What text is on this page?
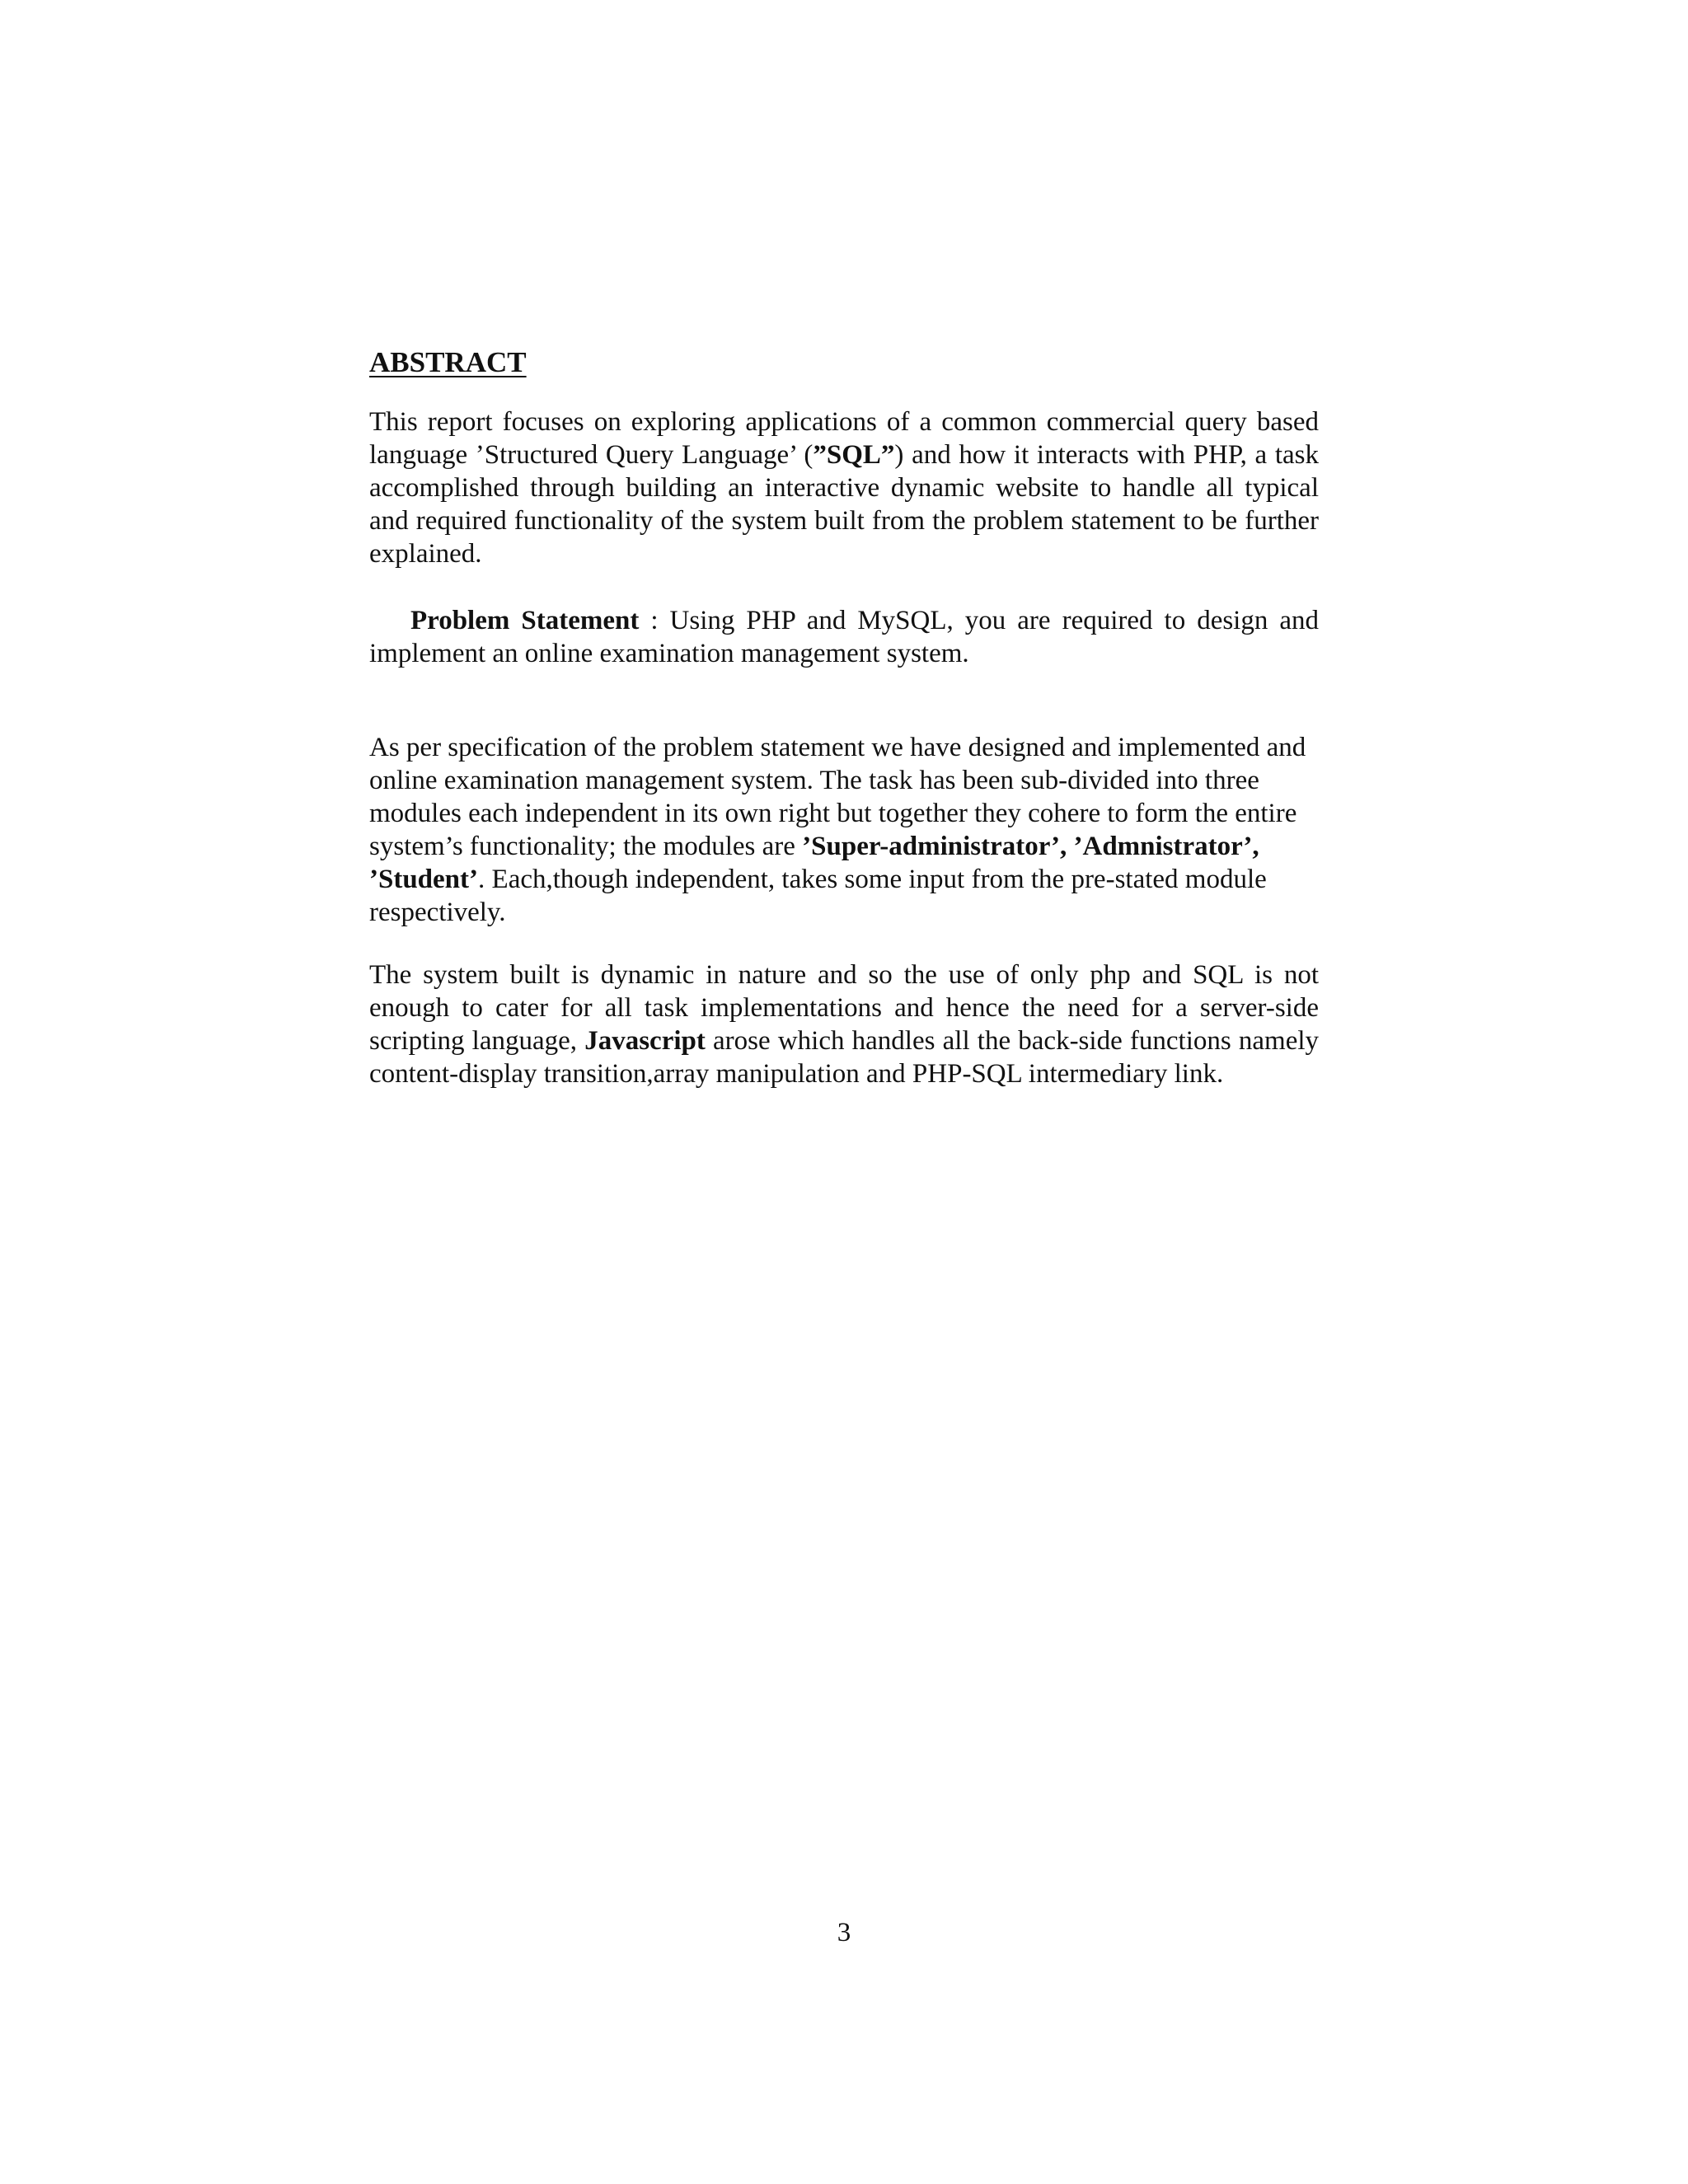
ABSTRACT

This report focuses on exploring applications of a common commercial query based language ’Structured Query Language’ (”SQL”) and how it interacts with PHP, a task accomplished through building an interactive dynamic website to handle all typical and required functionality of the system built from the problem statement to be further explained.

Problem Statement : Using PHP and MySQL, you are required to design and implement an online examination management system.

As per specification of the problem statement we have designed and implemented and online examination management system. The task has been sub-divided into three modules each independent in its own right but together they cohere to form the entire system’s functionality; the modules are ’Super-administrator’, ’Admnistrator’, ’Student’. Each,though independent, takes some input from the pre-stated module respectively.

The system built is dynamic in nature and so the use of only php and SQL is not enough to cater for all task implementations and hence the need for a server-side scripting language, Javascript arose which handles all the back-side functions namely content-display transition,array manipulation and PHP-SQL intermediary link.

3
